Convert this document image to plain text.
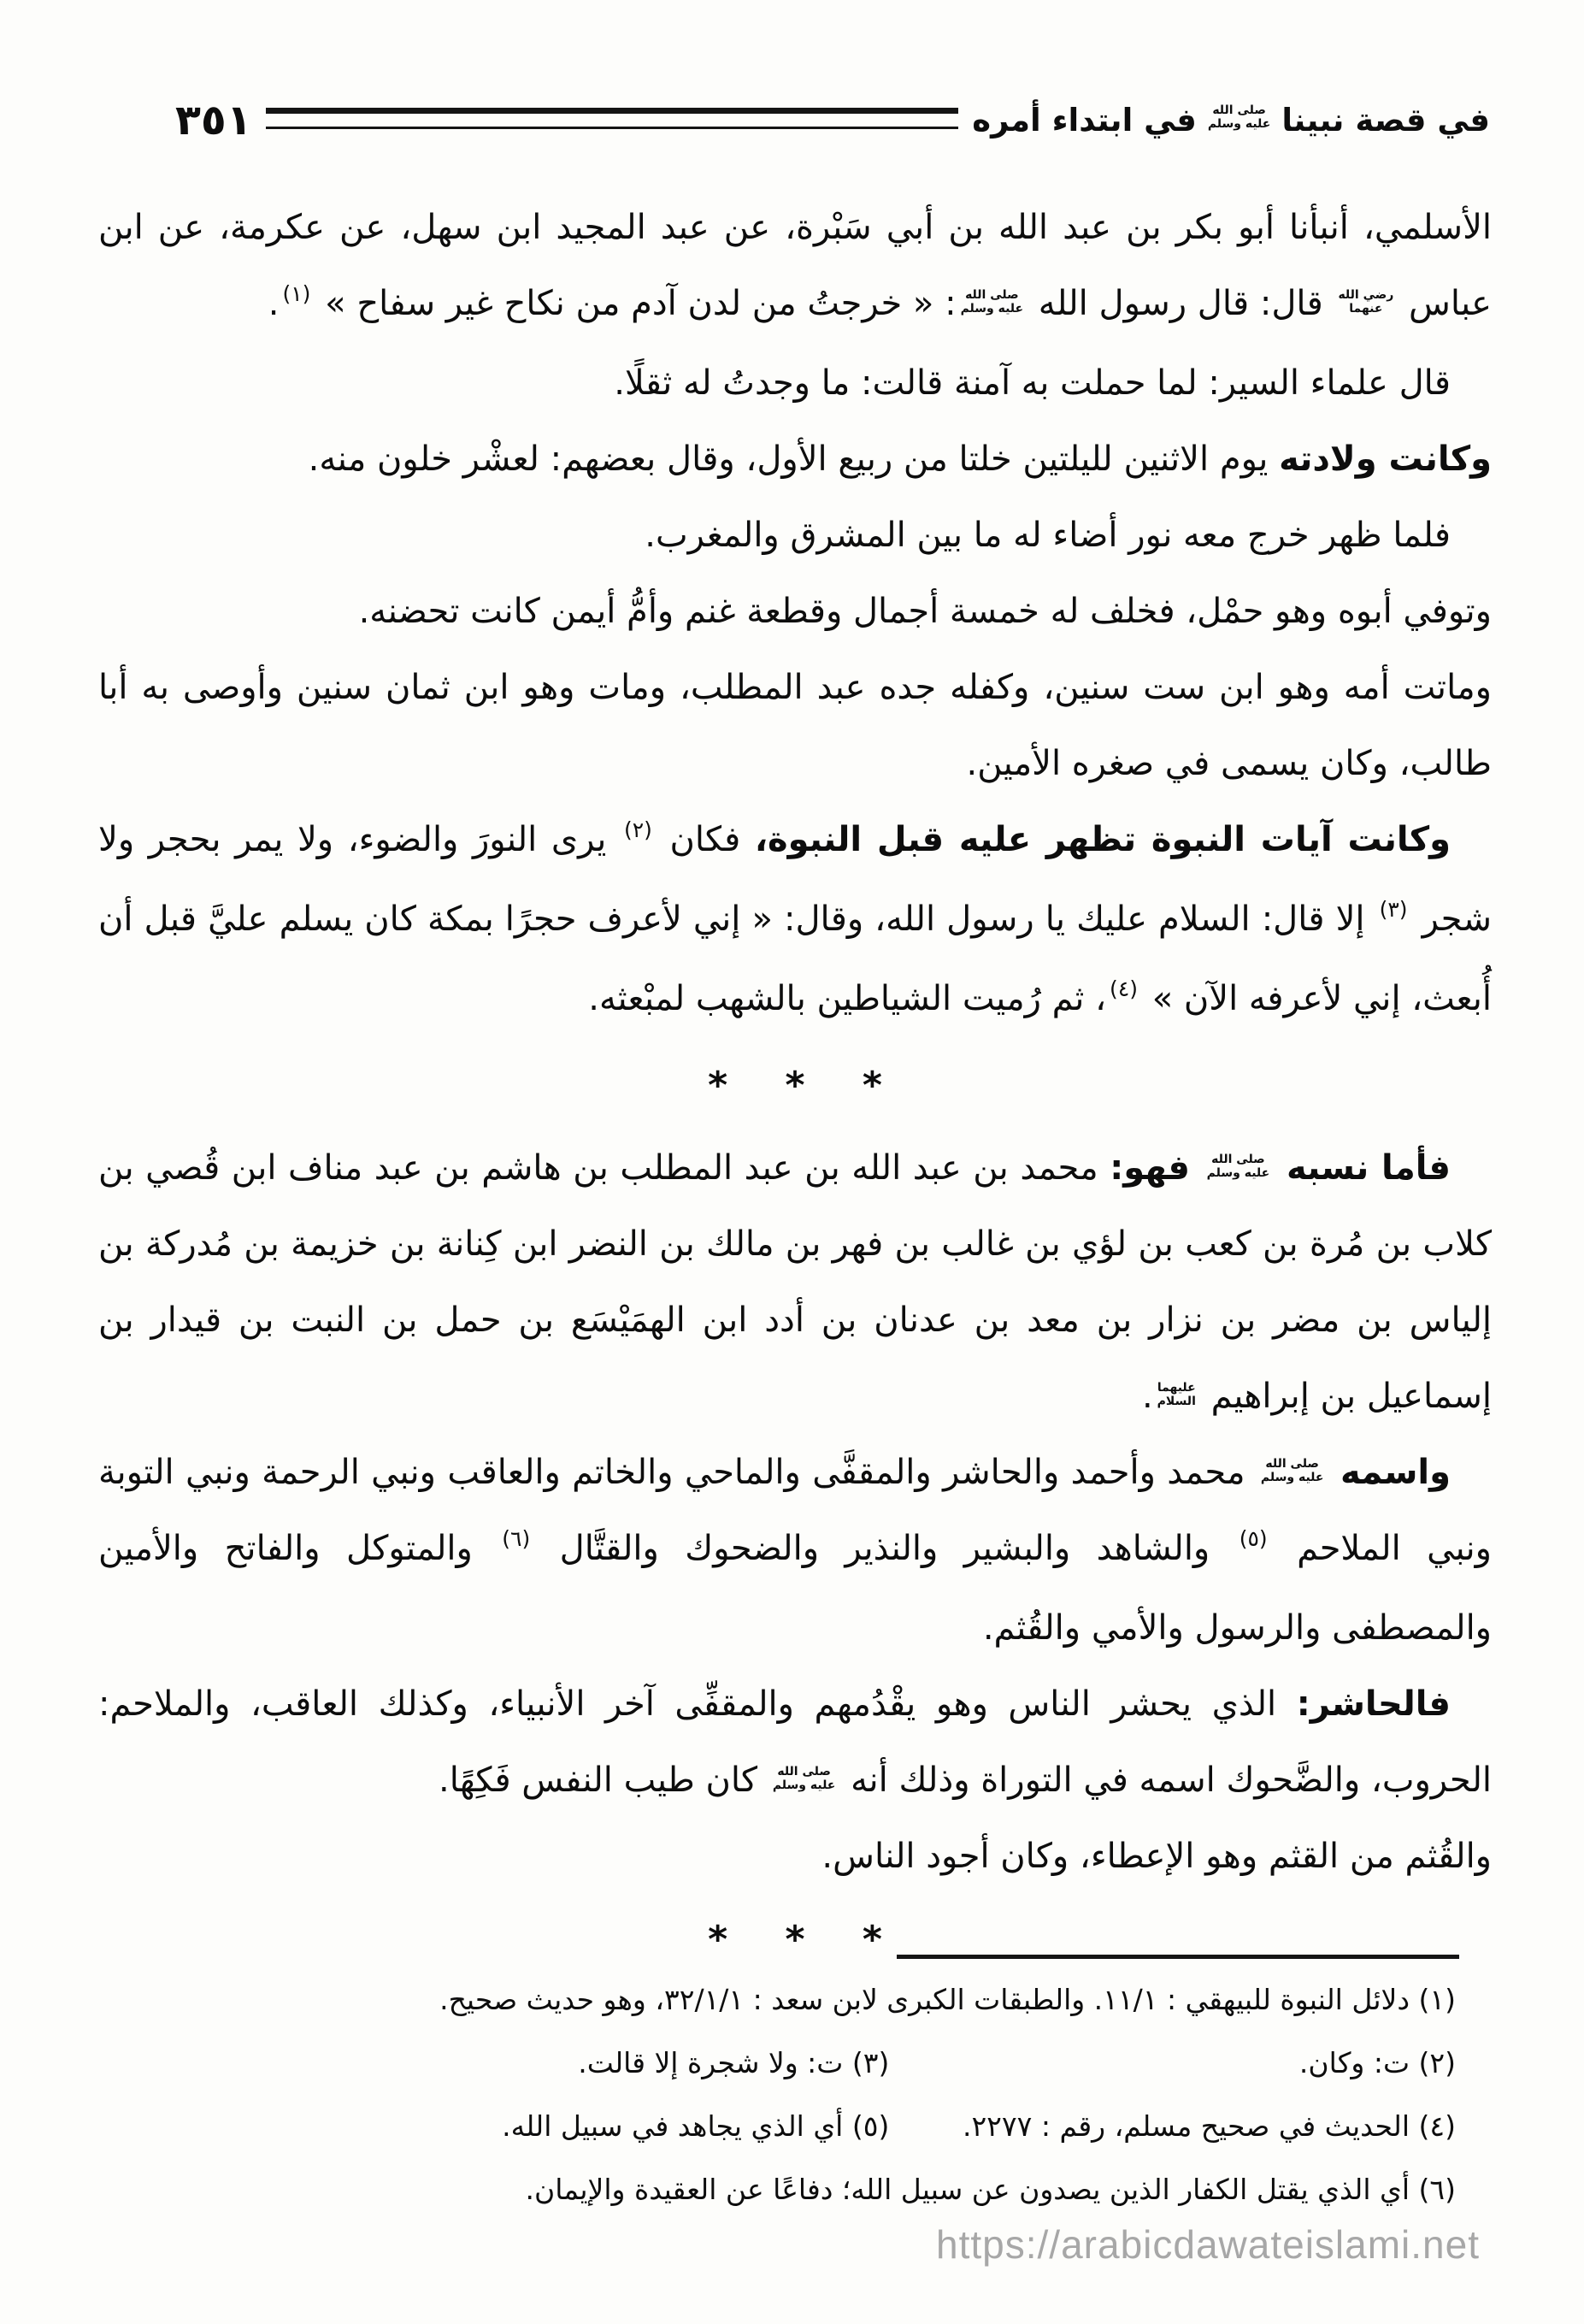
في قصة نبينا
صلى الله
عليه وسلم
في ابتداء أمره
٣٥١

الأسلمي، أنبأنا أبو بكر بن عبد الله بن أبي سَبْرة، عن عبد المجيد ابن سهل، عن عكرمة، عن ابن عباس
رضي الله
عنهما
قال: قال رسول الله
صلى الله
عليه وسلم
: « خرجتُ من لدن آدم من نكاح غير سفاح » $^{(١)}$.

قال علماء السير: لما حملت به آمنة قالت: ما وجدتُ له ثقلًا.

وكانت ولادته يوم الاثنين لليلتين خلتا من ربيع الأول، وقال بعضهم: لعشْر خلون منه.

فلما ظهر خرج معه نور أضاء له ما بين المشرق والمغرب.

وتوفي أبوه وهو حمْل، فخلف له خمسة أجمال وقطعة غنم وأمُّ أيمن كانت تحضنه.

وماتت أمه وهو ابن ست سنين، وكفله جده عبد المطلب، ومات وهو ابن ثمان سنين وأوصى به أبا طالب، وكان يسمى في صغره الأمين.

وكانت آيات النبوة تظهر عليه قبل النبوة، فكان $^{(٢)}$ يرى النورَ والضوء، ولا يمر بحجر ولا شجر $^{(٣)}$ إلا قال: السلام عليك يا رسول الله، وقال: « إني لأعرف حجرًا بمكة كان يسلم عليَّ قبل أن أُبعث، إني لأعرفه الآن » $^{(٤)}$، ثم رُميت الشياطين بالشهب لمبْعثه.

* * *

فأما نسبه
صلى الله
عليه وسلم
فهو: محمد بن عبد الله بن عبد المطلب بن هاشم بن عبد مناف ابن قُصي بن كلاب بن مُرة بن كعب بن لؤي بن غالب بن فهر بن مالك بن النضر ابن كِنانة بن خزيمة بن مُدركة بن إلياس بن مضر بن نزار بن معد بن عدنان بن أدد ابن الهمَيْسَع بن حمل بن النبت بن قيدار بن إسماعيل بن إبراهيم
عليهما
السلام
.

واسمه
صلى الله
عليه وسلم
محمد وأحمد والحاشر والمقفَّى والماحي والخاتم والعاقب ونبي الرحمة ونبي التوبة ونبي الملاحم $^{(٥)}$ والشاهد والبشير والنذير والضحوك والقتَّال $^{(٦)}$ والمتوكل والفاتح والأمين والمصطفى والرسول والأمي والقُثم.

فالحاشر: الذي يحشر الناس وهو يقْدُمهم والمقفِّى آخر الأنبياء، وكذلك العاقب، والملاحم: الحروب، والضَّحوك اسمه في التوراة وذلك أنه
صلى الله
عليه وسلم
كان طيب النفس فَكِهًا.

والقُثم من القثم وهو الإعطاء، وكان أجود الناس.

* * *
(١) دلائل النبوة للبيهقي : ١١/١. والطبقات الكبرى لابن سعد : ٣٢/١/١، وهو حديث صحيح.
(٢) ت: وكان.
(٣) ت: ولا شجرة إلا قالت.
(٤) الحديث في صحيح مسلم، رقم : ٢٢٧٧.
(٥) أي الذي يجاهد في سبيل الله.
(٦) أي الذي يقتل الكفار الذين يصدون عن سبيل الله؛ دفاعًا عن العقيدة والإيمان.
https://arabicdawateislami.net
